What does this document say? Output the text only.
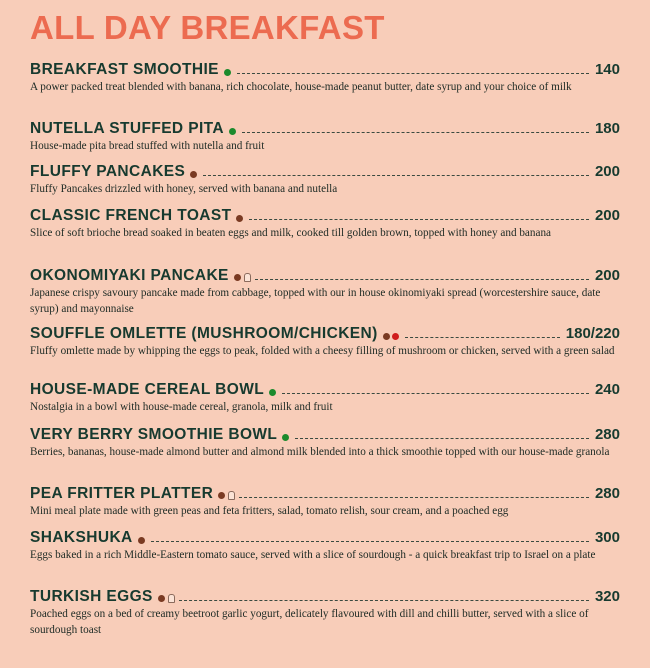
ALL DAY BREAKFAST
BREAKFAST SMOOTHIE	140

A power packed treat blended with banana, rich chocolate, house-made peanut butter, date syrup and your choice of milk

NUTELLA STUFFED PITA	180

House-made pita bread stuffed with nutella and fruit

FLUFFY PANCAKES	200

Fluffy Pancakes drizzled with honey, served with banana and nutella

CLASSIC FRENCH TOAST	200

Slice of soft brioche bread soaked in beaten eggs and milk, cooked till golden brown, topped with honey and banana

OKONOMIYAKI PANCAKE	200

Japanese crispy savoury pancake made from cabbage, topped with our in house okinomiyaki spread (worcestershire sauce, date syrup) and mayonnaise

SOUFFLE OMLETTE (MUSHROOM/CHICKEN)	180/220

Fluffy omlette made by whipping the eggs to peak, folded with a cheesy filling of mushroom or chicken, served with a green salad

HOUSE-MADE CEREAL BOWL	240

Nostalgia in a bowl with house-made cereal, granola, milk and fruit

VERY BERRY SMOOTHIE BOWL	280

Berries, bananas, house-made almond butter and almond milk blended into a thick smoothie topped with our house-made granola

PEA FRITTER PLATTER	280

Mini meal plate made with green peas and feta fritters, salad, tomato relish, sour cream, and a poached egg

SHAKSHUKA	300

Eggs baked in a rich Middle-Eastern tomato sauce, served with a slice of sourdough - a quick breakfast trip to Israel on a plate

TURKISH EGGS	320

Poached eggs on a bed of creamy beetroot garlic yogurt, delicately flavoured with dill and chilli butter, served with a slice of sourdough toast
